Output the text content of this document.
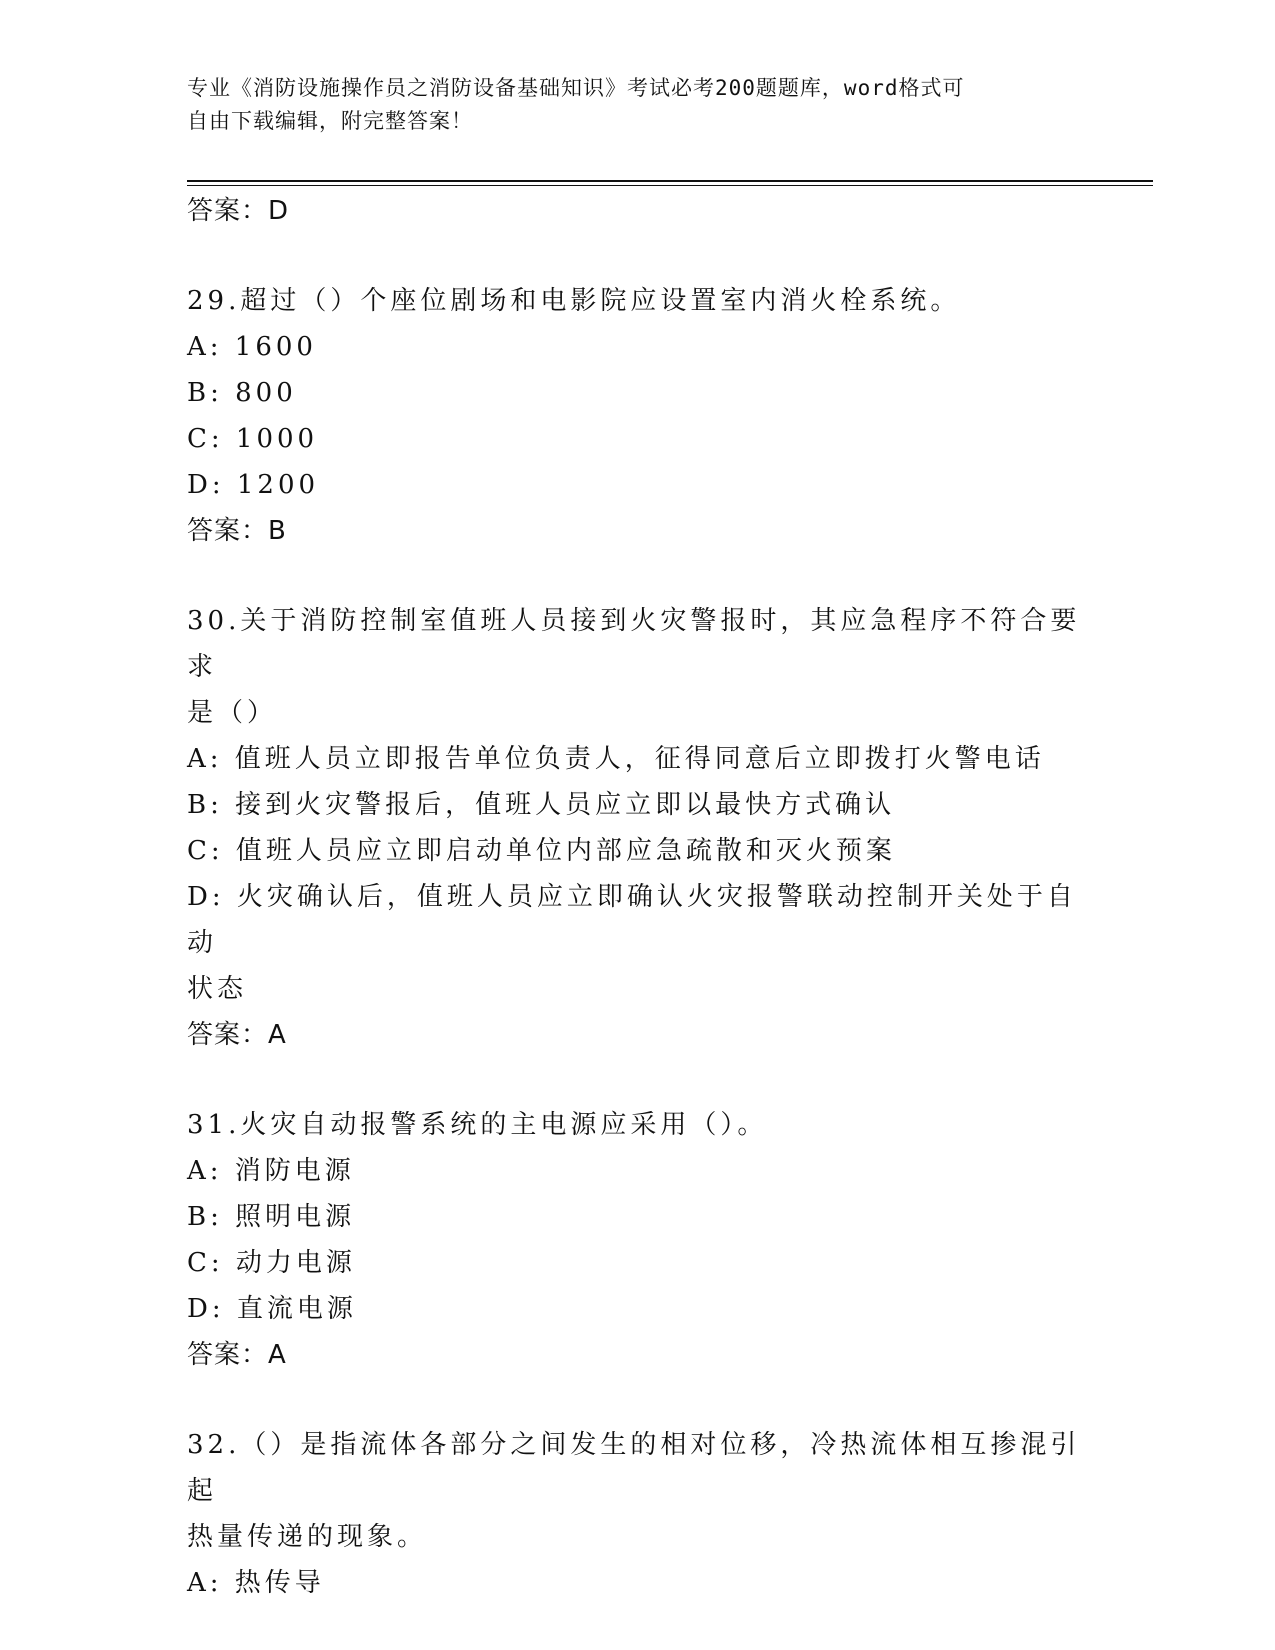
专业《消防设施操作员之消防设备基础知识》考试必考200题题库，word格式可
自由下载编辑，附完整答案！
答案：D
29.超过（）个座位剧场和电影院应设置室内消火栓系统。
A: 1600
B: 800
C: 1000
D: 1200
答案：B
30.关于消防控制室值班人员接到火灾警报时，其应急程序不符合要求
是（）
A: 值班人员立即报告单位负责人，征得同意后立即拨打火警电话
B: 接到火灾警报后，值班人员应立即以最快方式确认
C: 值班人员应立即启动单位内部应急疏散和灭火预案
D: 火灾确认后，值班人员应立即确认火灾报警联动控制开关处于自动
状态
答案：A
31.火灾自动报警系统的主电源应采用（）。
A: 消防电源
B: 照明电源
C: 动力电源
D: 直流电源
答案：A
32.（）是指流体各部分之间发生的相对位移，冷热流体相互掺混引起
热量传递的现象。
A: 热传导
